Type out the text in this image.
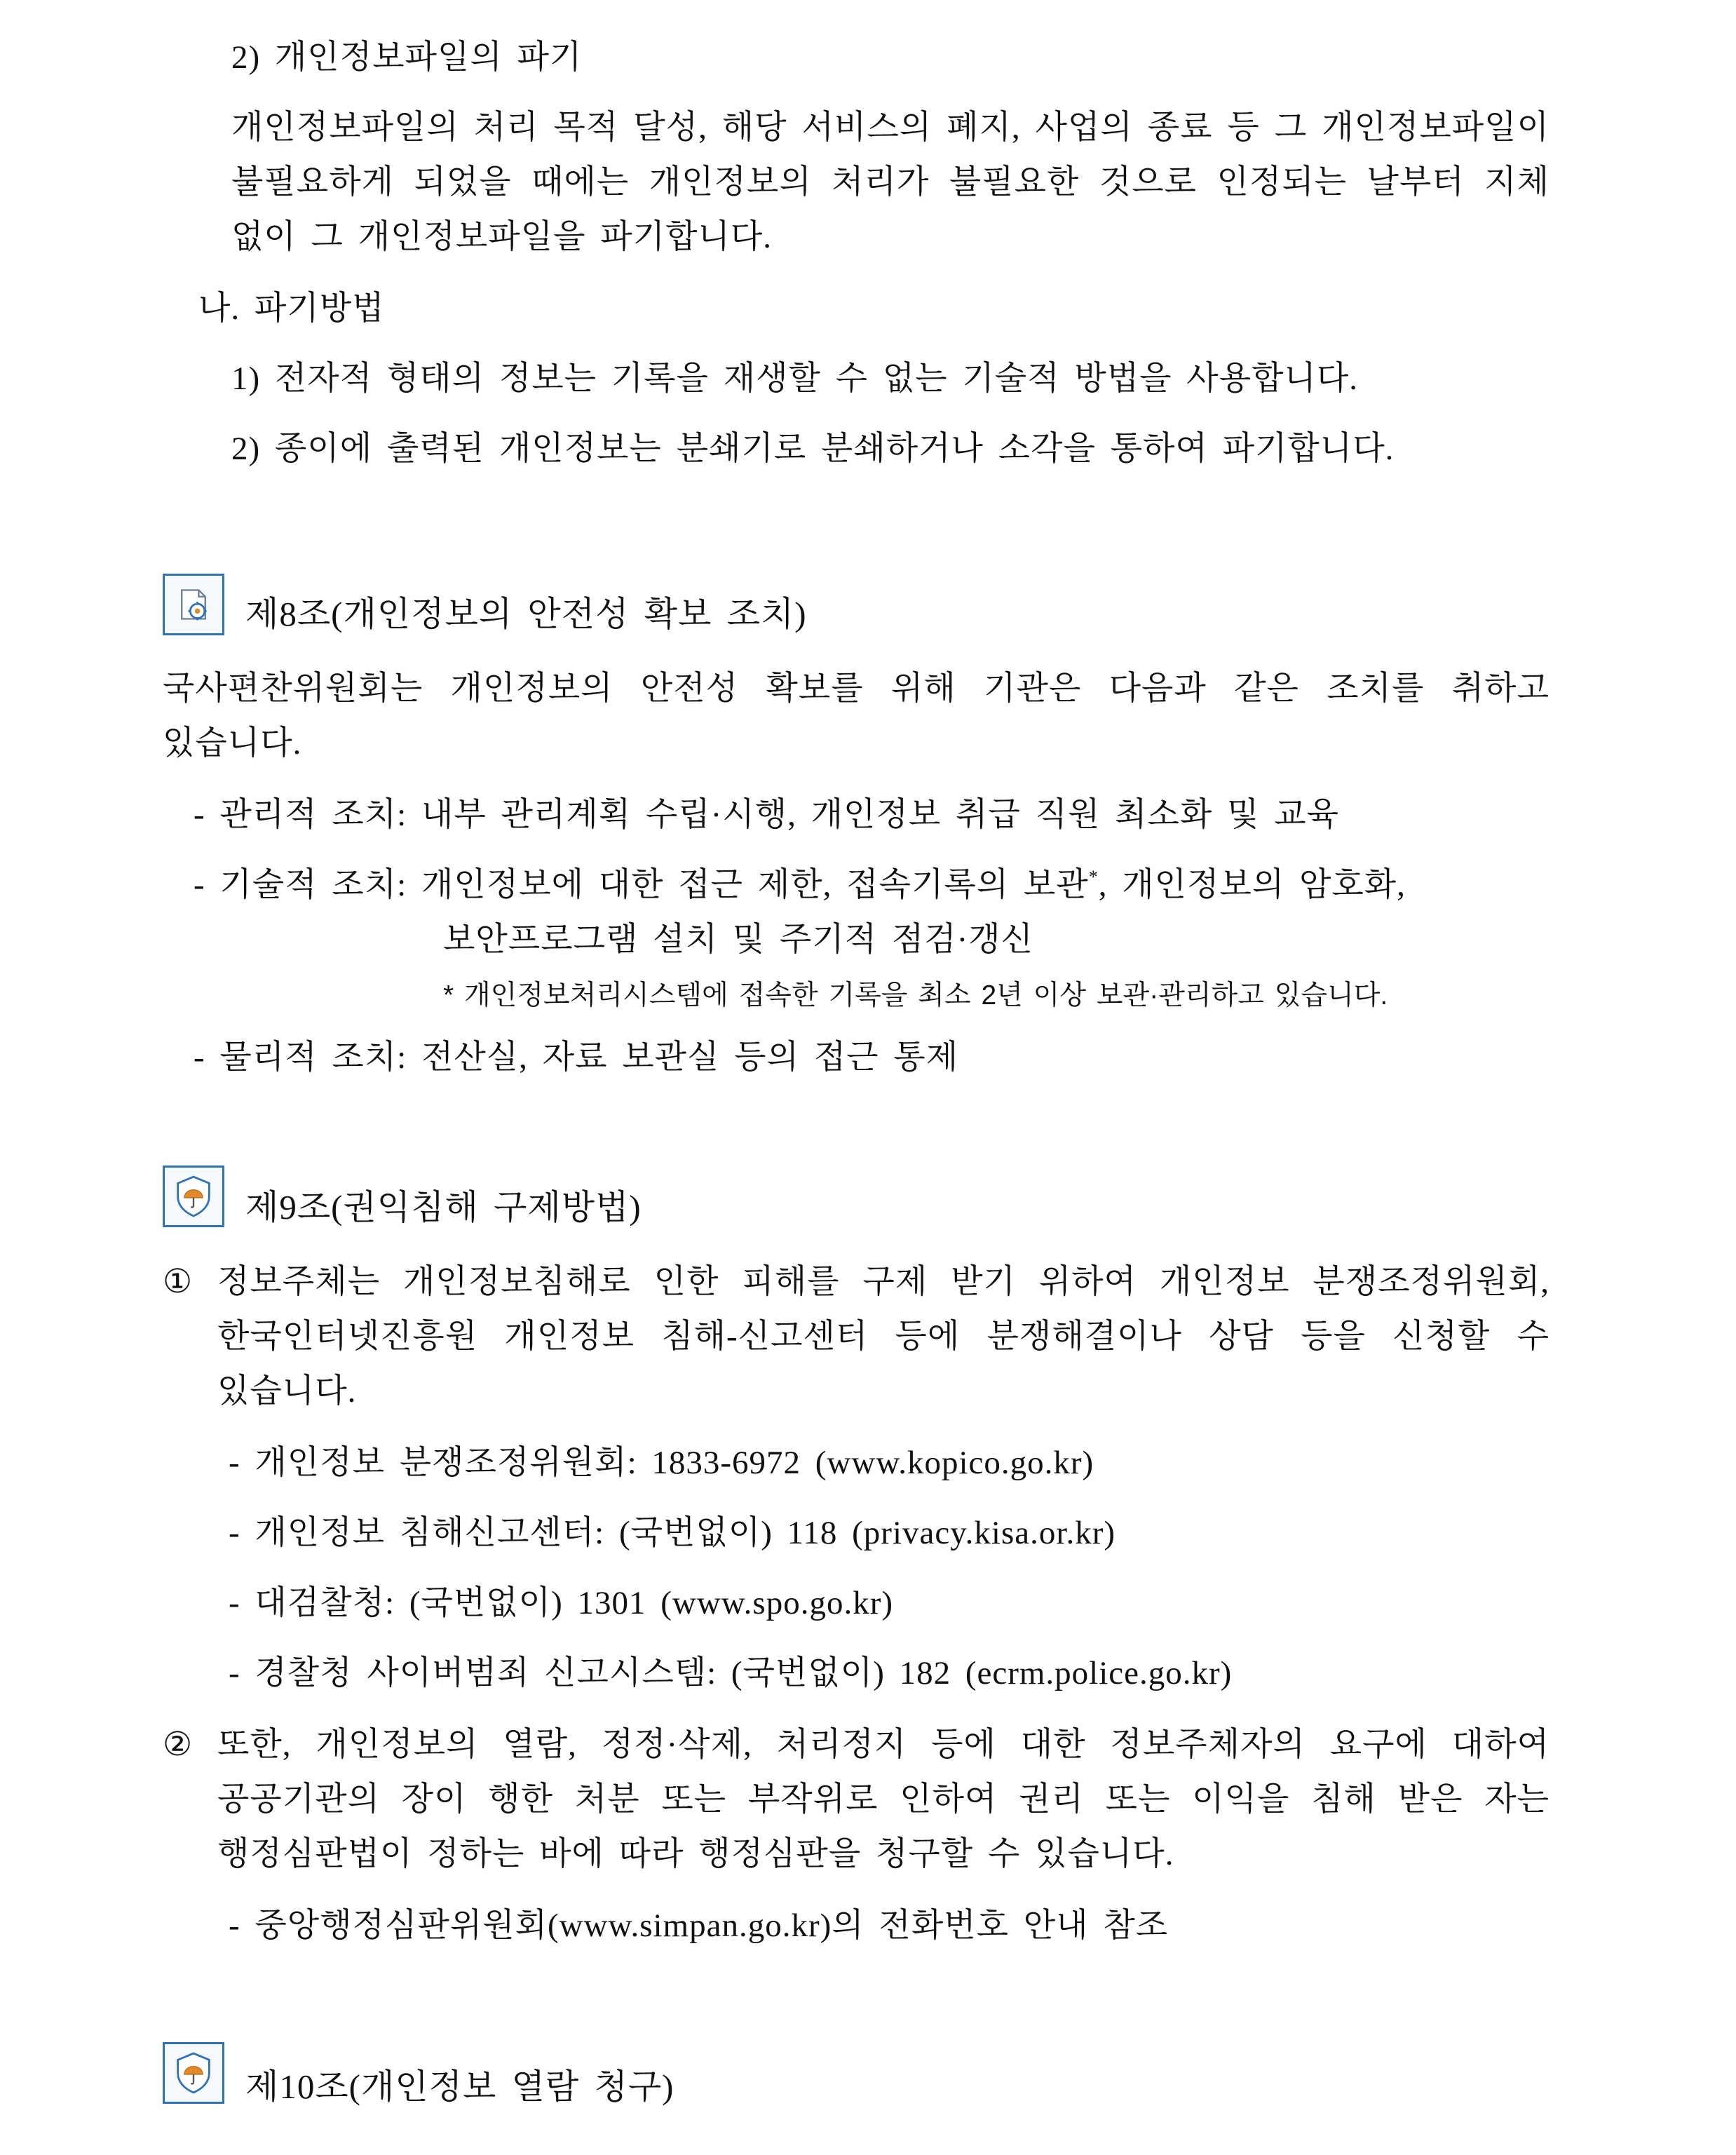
2) 개인정보파일의 파기
개인정보파일의 처리 목적 달성, 해당 서비스의 폐지, 사업의 종료 등 그 개인정보파일이
불필요하게 되었을 때에는 개인정보의 처리가 불필요한 것으로 인정되는 날부터 지체
없이 그 개인정보파일을 파기합니다.
나. 파기방법
1) 전자적 형태의 정보는 기록을 재생할 수 없는 기술적 방법을 사용합니다.
2) 종이에 출력된 개인정보는 분쇄기로 분쇄하거나 소각을 통하여 파기합니다.
제8조(개인정보의 안전성 확보 조치)
국사편찬위원회는 개인정보의 안전성 확보를 위해 기관은 다음과 같은 조치를 취하고
있습니다.
- 관리적 조치: 내부 관리계획 수립·시행, 개인정보 취급 직원 최소화 및 교육
- 기술적 조치: 개인정보에 대한 접근 제한, 접속기록의 보관*, 개인정보의 암호화,
보안프로그램 설치 및 주기적 점검·갱신
* 개인정보처리시스템에 접속한 기록을 최소 2년 이상 보관·관리하고 있습니다.
- 물리적 조치: 전산실, 자료 보관실 등의 접근 통제
제9조(권익침해 구제방법)
① 정보주체는 개인정보침해로 인한 피해를 구제 받기 위하여 개인정보 분쟁조정위원회,
한국인터넷진흥원 개인정보 침해-신고센터 등에 분쟁해결이나 상담 등을 신청할 수
있습니다.
- 개인정보 분쟁조정위원회: 1833-6972 (www.kopico.go.kr)
- 개인정보 침해신고센터: (국번없이) 118 (privacy.kisa.or.kr)
- 대검찰청: (국번없이) 1301 (www.spo.go.kr)
- 경찰청 사이버범죄 신고시스템: (국번없이) 182 (ecrm.police.go.kr)
② 또한, 개인정보의 열람, 정정·삭제, 처리정지 등에 대한 정보주체자의 요구에 대하여
공공기관의 장이 행한 처분 또는 부작위로 인하여 권리 또는 이익을 침해 받은 자는
행정심판법이 정하는 바에 따라 행정심판을 청구할 수 있습니다.
- 중앙행정심판위원회(www.simpan.go.kr)의 전화번호 안내 참조
제10조(개인정보 열람 청구)
